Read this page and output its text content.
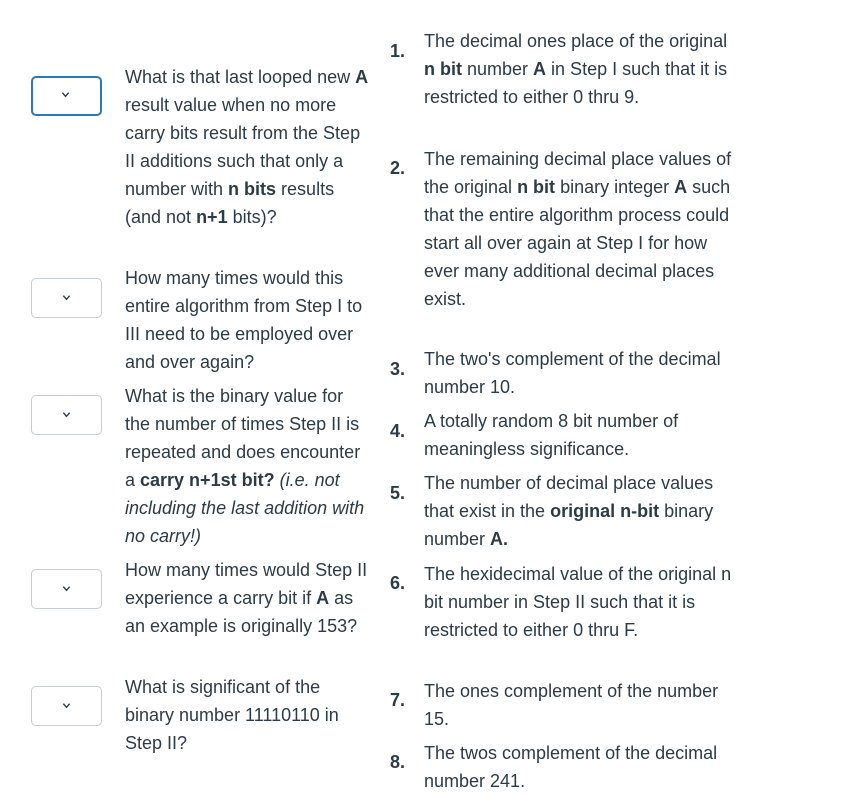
What is that last looped new A result value when no more carry bits result from the Step II additions such that only a number with n bits results (and not n+1 bits)?

How many times would this entire algorithm from Step I to III need to be employed over and over again?

What is the binary value for the number of times Step II is repeated and does encounter a carry n+1st bit? (i.e. not including the last addition with no carry!)

How many times would Step II experience a carry bit if A as an example is originally 153?

What is significant of the binary number 11110110 in Step II?

1. The decimal ones place of the original n bit number A in Step I such that it is restricted to either 0 thru 9.

2. The remaining decimal place values of the original n bit binary integer A such that the entire algorithm process could start all over again at Step I for how ever many additional decimal places exist.

3. The two's complement of the decimal number 10.

4. A totally random 8 bit number of meaningless significance.

5. The number of decimal place values that exist in the original n-bit binary number A.

6. The hexidecimal value of the original n bit number in Step II such that it is restricted to either 0 thru F.

7. The ones complement of the number 15.

8. The twos complement of the decimal number 241.
